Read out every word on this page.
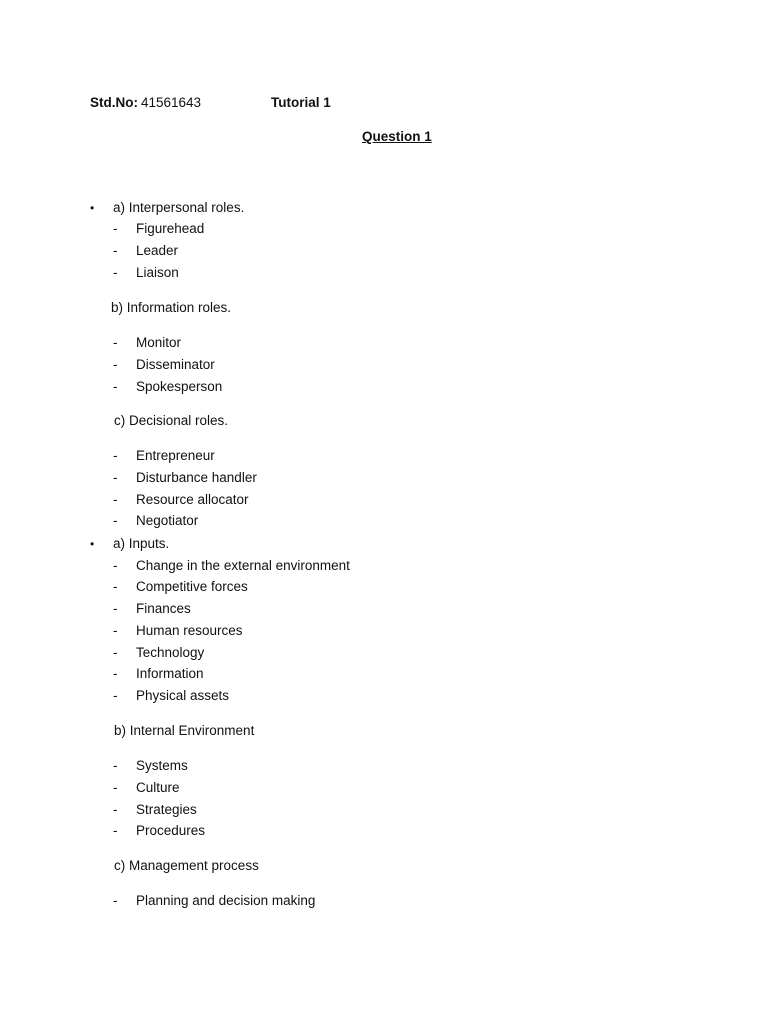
Std.No: 41561643	Tutorial 1
Question 1
• a) Interpersonal roles.
- Figurehead
- Leader
- Liaison
b) Information roles.
- Monitor
- Disseminator
- Spokesperson
c) Decisional roles.
- Entrepreneur
- Disturbance handler
- Resource allocator
- Negotiator
• a) Inputs.
- Change in the external environment
- Competitive forces
- Finances
- Human resources
- Technology
- Information
- Physical assets
b) Internal Environment
- Systems
- Culture
- Strategies
- Procedures
c) Management process
- Planning and decision making
